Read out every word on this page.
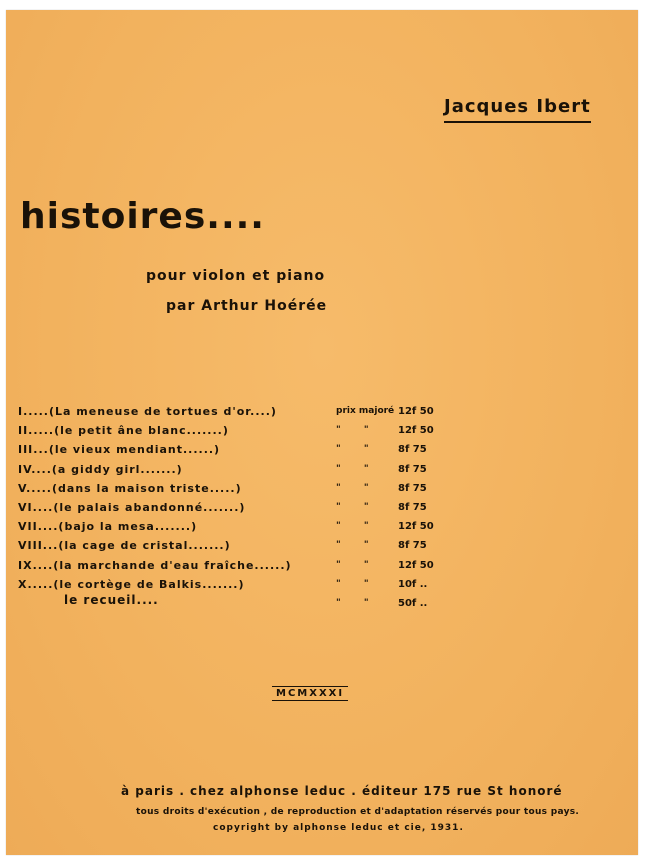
Jacques Ibert
histoires....
pour violon et piano
par Arthur Hoérée
I.....(La meneuse de tortues d'or....)
II.....(le petit âne blanc.......)
III...(le vieux mendiant......)
IV....(a giddy girl.......)
V.....(dans la maison triste.....)
VI....(le palais abandonné.......)
VII....(bajo la mesa.......)
VIII...(la cage de cristal.......)
IX....(la marchande d'eau fraîche......)
X.....(le cortège de Balkis.......)
prix majoré
" "
" "
" "
" "
" "
" "
" "
" "
" "
" "
12f 50
12f 50
8f 75
8f 75
8f 75
8f 75
12f 50
8f 75
12f 50
10f ..
50f ..
le recueil....
MCMXXXI
à paris . chez alphonse leduc . éditeur 175 rue St honoré
tous droits d'exécution , de reproduction et d'adaptation réservés pour tous pays.
copyright by alphonse leduc et cie, 1931.
